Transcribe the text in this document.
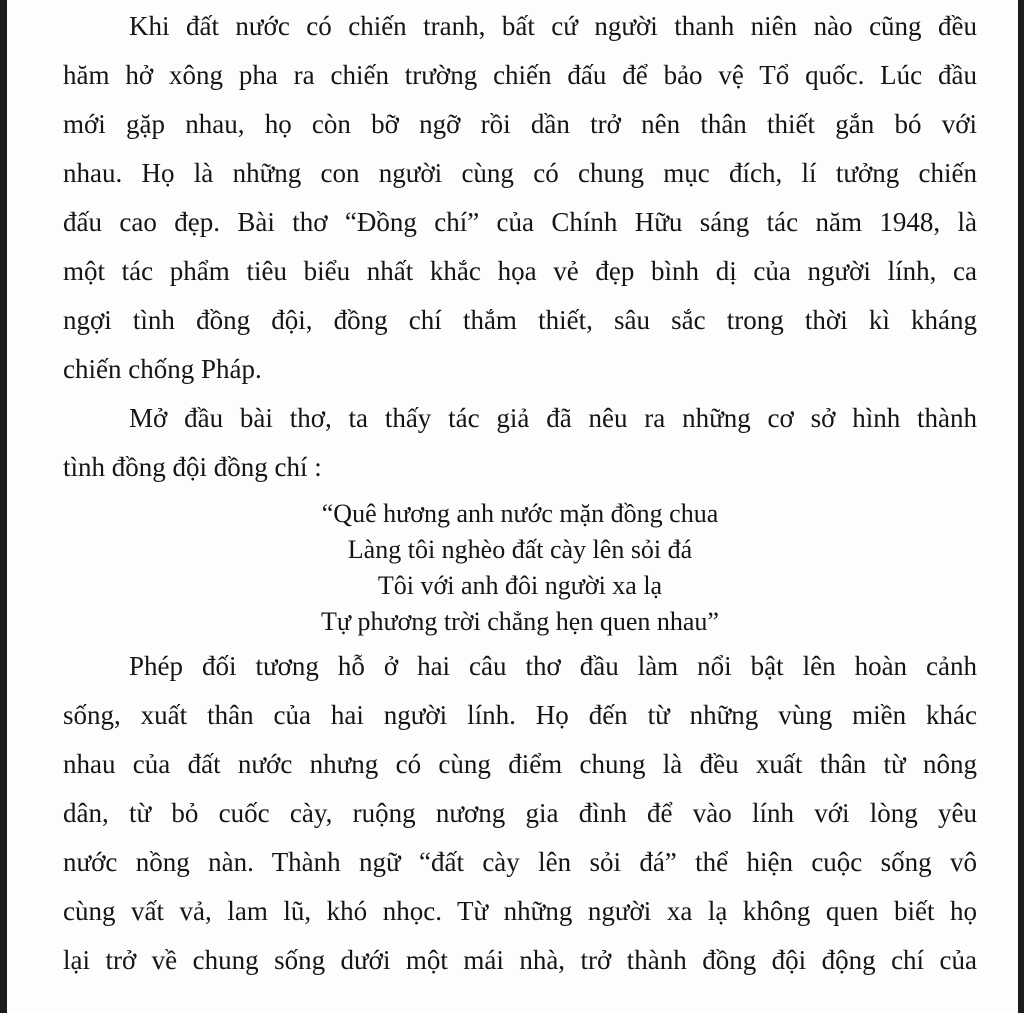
Khi đất nước có chiến tranh, bất cứ người thanh niên nào cũng đều
hăm hở xông pha ra chiến trường chiến đấu để bảo vệ Tổ quốc. Lúc đầu
mới gặp nhau, họ còn bỡ ngỡ rồi dần trở nên thân thiết gắn bó với
nhau. Họ là những con người cùng có chung mục đích, lí tưởng chiến
đấu cao đẹp. Bài thơ “Đồng chí” của Chính Hữu sáng tác năm 1948, là
một tác phẩm tiêu biểu nhất khắc họa vẻ đẹp bình dị của người lính, ca
ngợi tình đồng đội, đồng chí thắm thiết, sâu sắc trong thời kì kháng
chiến chống Pháp.
Mở đầu bài thơ, ta thấy tác giả đã nêu ra những cơ sở hình thành
tình đồng đội đồng chí :
“Quê hương anh nước mặn đồng chua
Làng tôi nghèo đất cày lên sỏi đá
Tôi với anh đôi người xa lạ
Tự phương trời chẳng hẹn quen nhau”
Phép đối tương hỗ ở hai câu thơ đầu làm nổi bật lên hoàn cảnh
sống, xuất thân của hai người lính. Họ đến từ những vùng miền khác
nhau của đất nước nhưng có cùng điểm chung là đều xuất thân từ nông
dân, từ bỏ cuốc cày, ruộng nương gia đình để vào lính với lòng yêu
nước nồng nàn. Thành ngữ “đất cày lên sỏi đá” thể hiện cuộc sống vô
cùng vất vả, lam lũ, khó nhọc. Từ những người xa lạ không quen biết họ
lại trở về chung sống dưới một mái nhà, trở thành đồng đội động chí của
